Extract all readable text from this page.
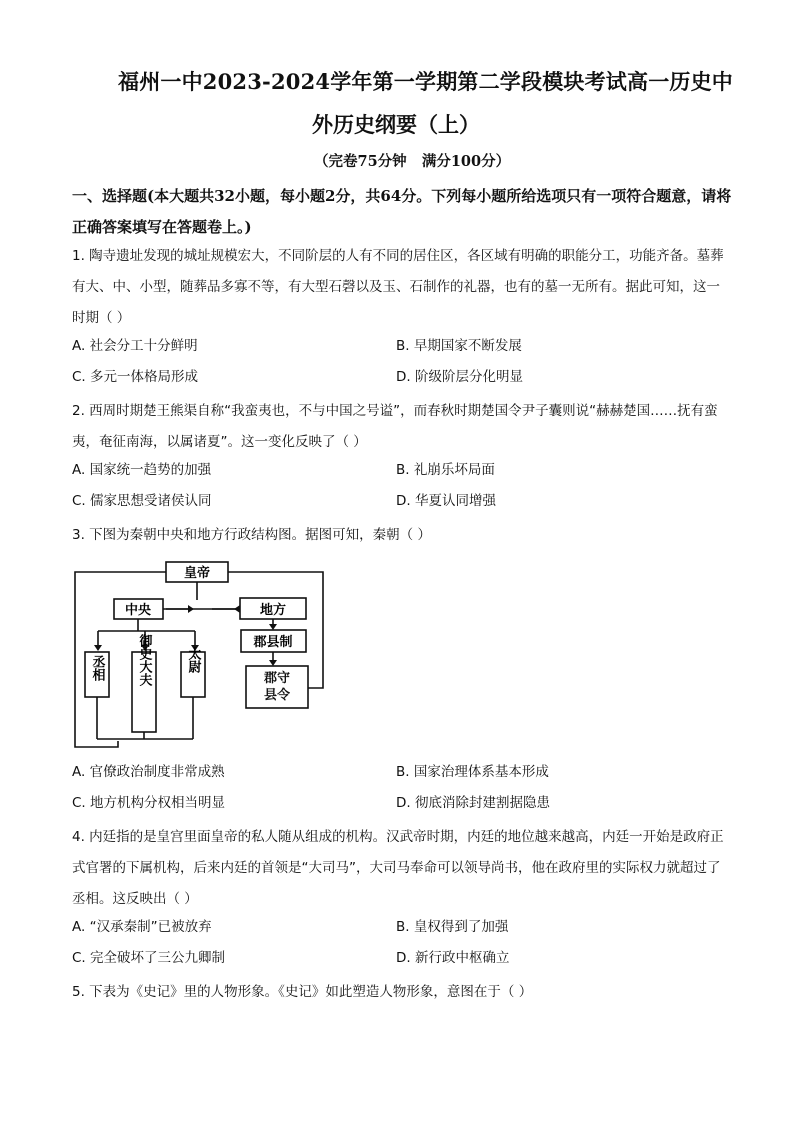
福州一中2023-2024学年第一学期第二学段模块考试高一历史中
外历史纲要（上）
（完卷75分钟   满分100分）
一、选择题(本大题共32小题，每小题2分，共64分。下列每小题所给选项只有一项符合题意，请将正确答案填写在答题卷上。)
1. 陶寺遗址发现的城址规模宏大，不同阶层的人有不同的居住区，各区域有明确的职能分工，功能齐备。墓葬有大、中、小型，随葬品多寡不等，有大型石磬以及玉、石制作的礼器，也有的墓一无所有。据此可知，这一时期（ ）
A. 社会分工十分鲜明	B. 早期国家不断发展
C. 多元一体格局形成	D. 阶级阶层分化明显
2. 西周时期楚王熊渠自称“我蛮夷也，不与中国之号谥”，而春秋时期楚国令尹子囊则说“赫赫楚国……抚有蛮夷，奄征南海，以属诸夏”。这一变化反映了（ ）
A. 国家统一趋势的加强	B. 礼崩乐坏局面
C. 儒家思想受诸侯认同	D. 华夏认同增强
3. 下图为秦朝中央和地方行政结构图。据图可知，秦朝（ ）
皇帝
中央	地方
郡县制
丞相 御史大夫	太尉
郡守县令
A. 官僚政治制度非常成熟	B. 国家治理体系基本形成
C. 地方机构分权相当明显	D. 彻底消除封建割据隐患
4. 内廷指的是皇宫里面皇帝的私人随从组成的机构。汉武帝时期，内廷的地位越来越高，内廷一开始是政府正式官署的下属机构，后来内廷的首领是“大司马”，大司马奉命可以领导尚书，他在政府里的实际权力就超过了丞相。这反映出（ ）
A. “汉承秦制”已被放弃	B. 皇权得到了加强
C. 完全破坏了三公九卿制	D. 新行政中枢确立
5. 下表为《史记》里的人物形象。《史记》如此塑造人物形象，意图在于（ ）
